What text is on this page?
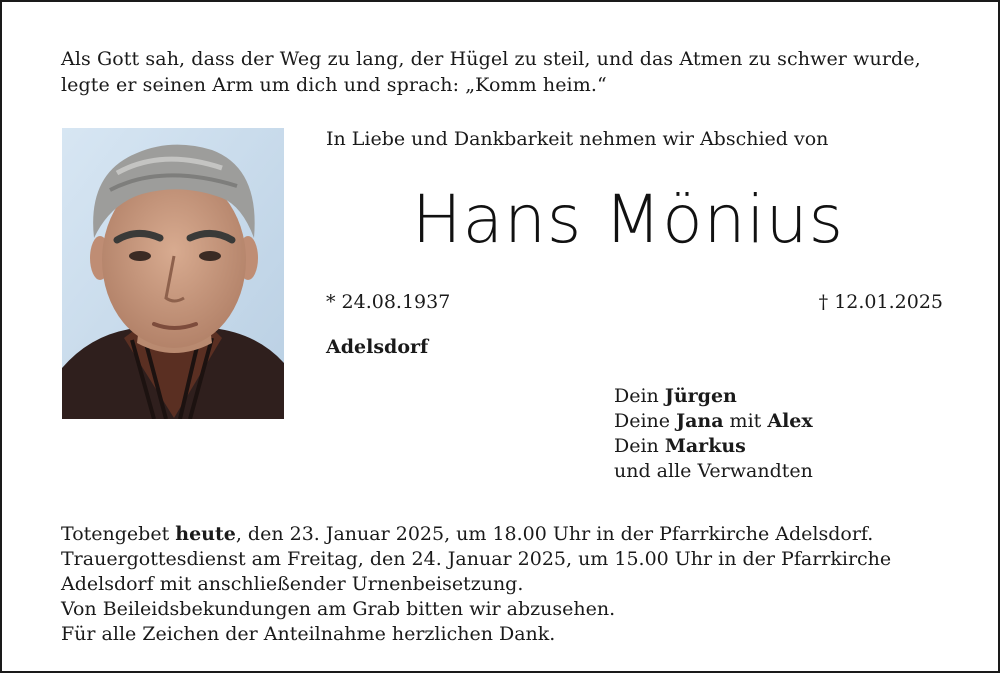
Als Gott sah, dass der Weg zu lang, der Hügel zu steil, und das Atmen zu schwer wurde,
legte er seinen Arm um dich und sprach: „Komm heim.“
In Liebe und Dankbarkeit nehmen wir Abschied von
Hans Mönius
* 24.08.1937	† 12.01.2025
Adelsdorf
Dein Jürgen
Deine Jana mit Alex
Dein Markus
und alle Verwandten
Totengebet heute, den 23. Januar 2025, um 18.00 Uhr in der Pfarrkirche Adelsdorf.
Trauergottesdienst am Freitag, den 24. Januar 2025, um 15.00 Uhr in der Pfarrkirche
Adelsdorf mit anschließender Urnenbeisetzung.
Von Beileidsbekundungen am Grab bitten wir abzusehen.
Für alle Zeichen der Anteilnahme herzlichen Dank.
